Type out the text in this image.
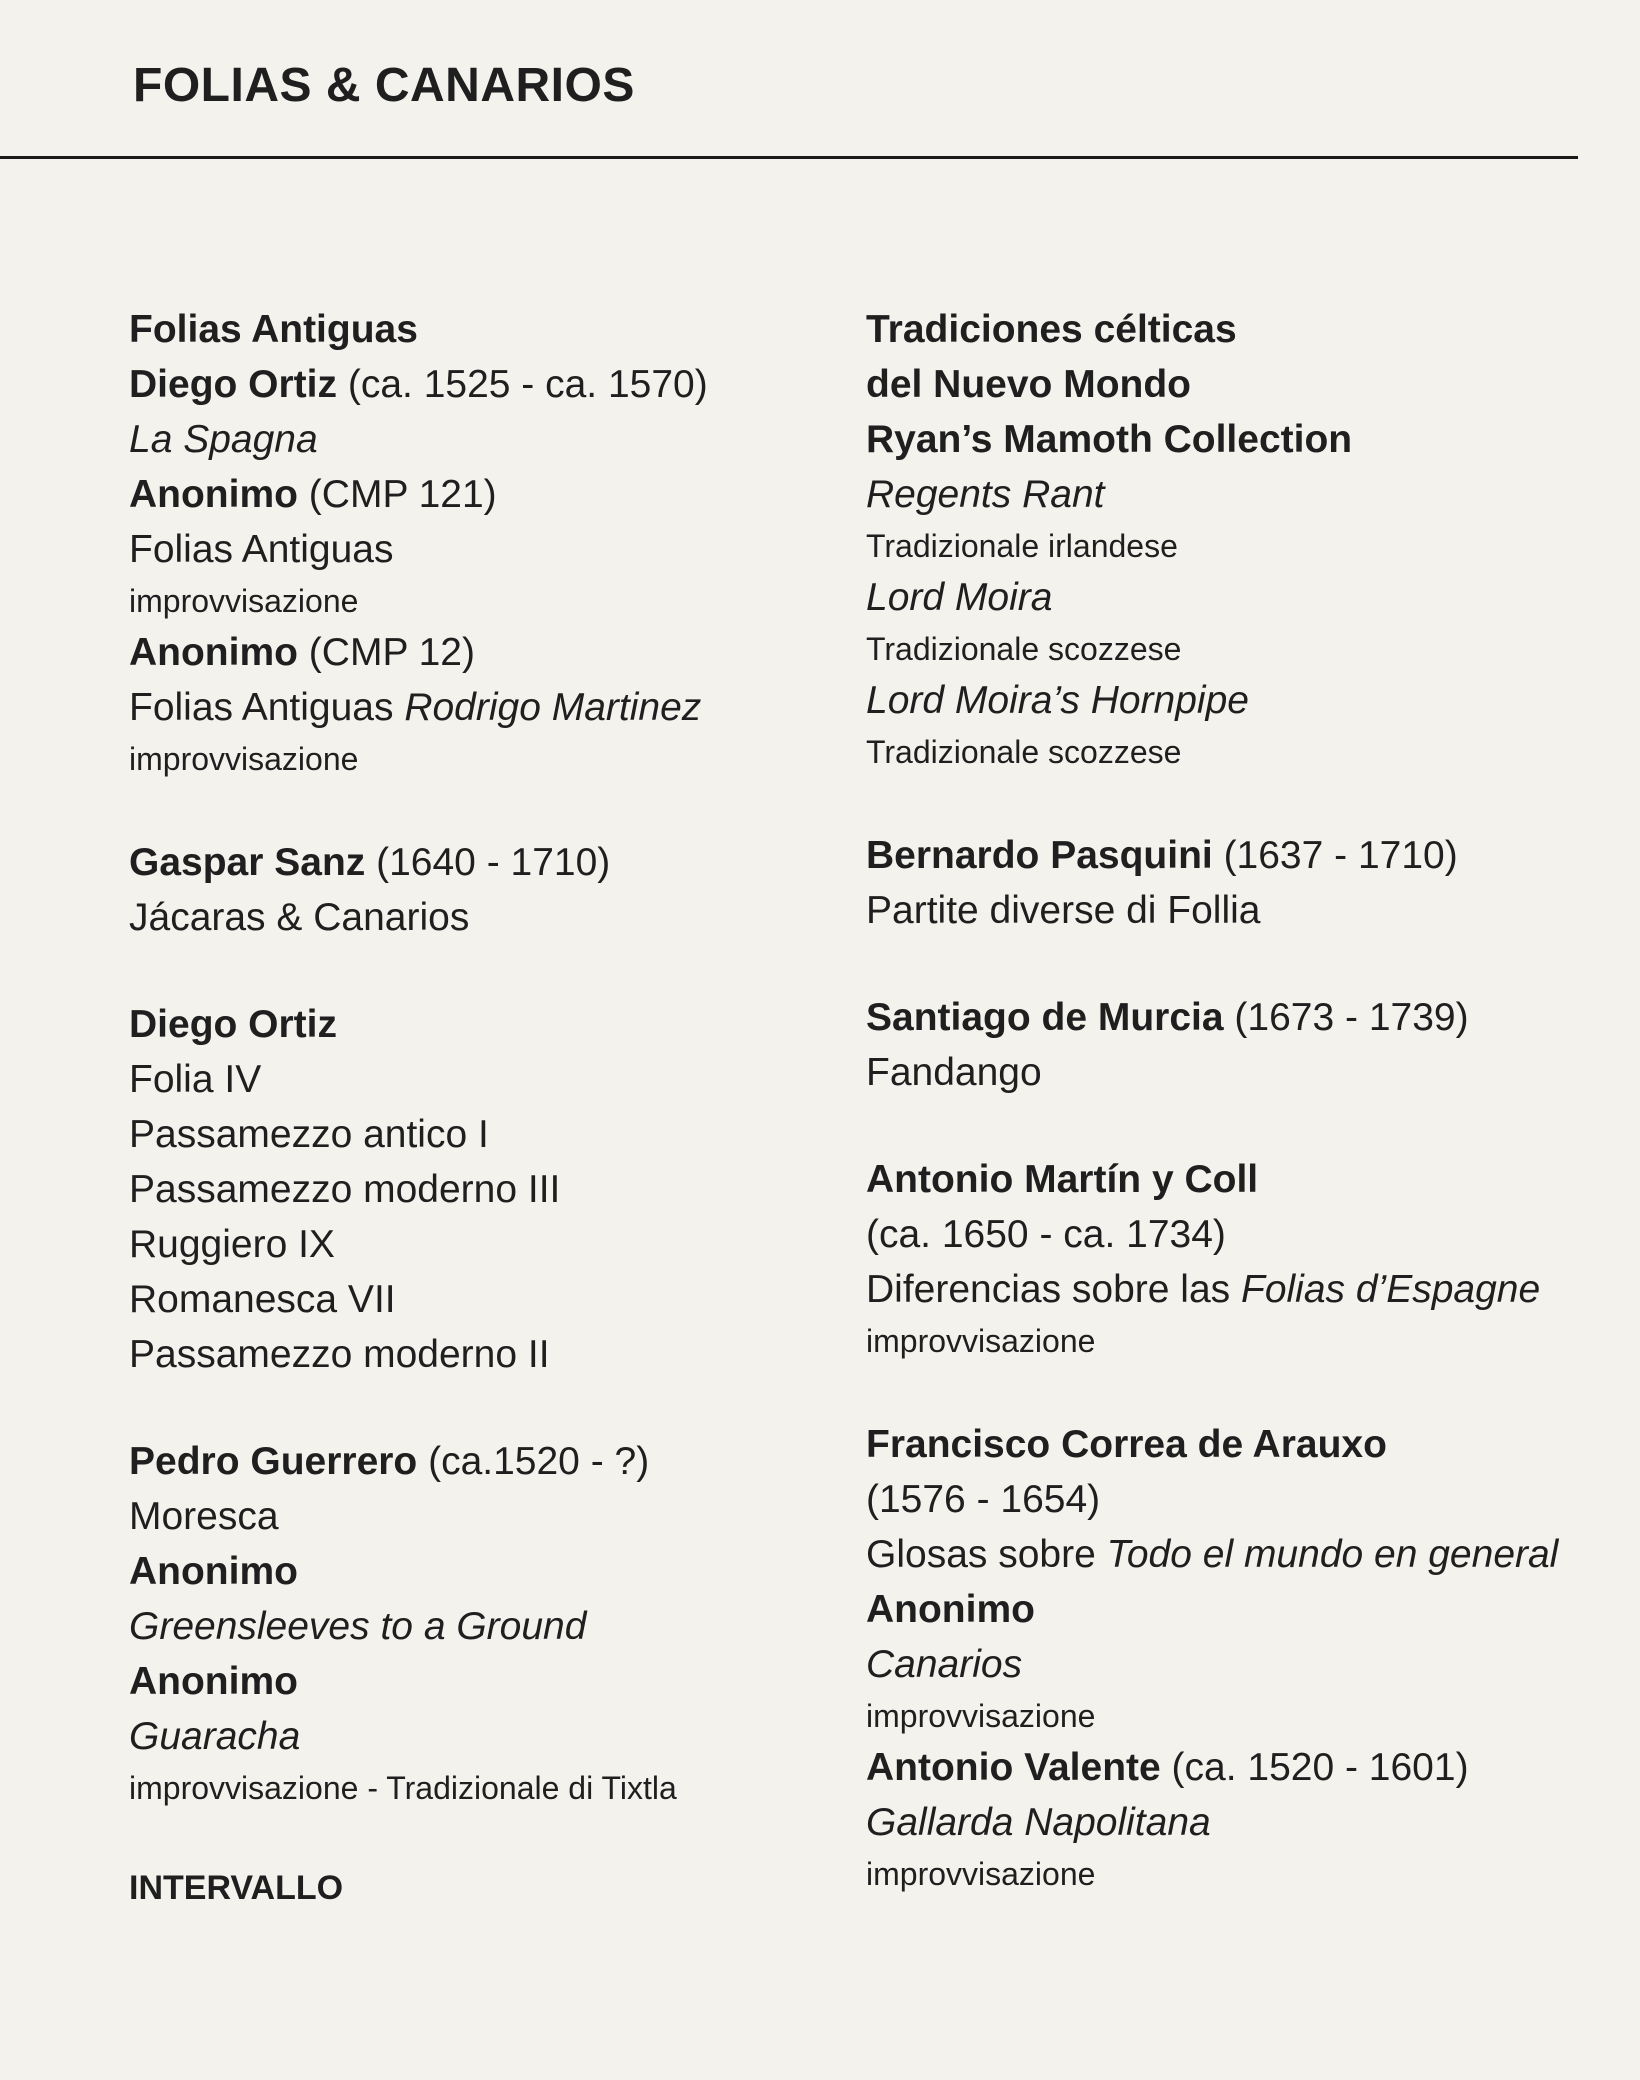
FOLIAS & CANARIOS

Folias Antiguas

Diego Ortiz (ca. 1525 - ca. 1570)

La Spagna

Anonimo (CMP 121)

Folias Antiguas

improvvisazione

Anonimo (CMP 12)

Folias Antiguas Rodrigo Martinez

improvvisazione

Gaspar Sanz (1640 - 1710)

Jácaras & Canarios

Diego Ortiz

Folia IV

Passamezzo antico I

Passamezzo moderno III

Ruggiero IX

Romanesca VII

Passamezzo moderno II

Pedro Guerrero (ca.1520 - ?)

Moresca

Anonimo

Greensleeves to a Ground

Anonimo

Guaracha

improvvisazione - Tradizionale di Tixtla

INTERVALLO

Tradiciones célticas

del Nuevo Mondo

Ryan’s Mamoth Collection

Regents Rant

Tradizionale irlandese

Lord Moira

Tradizionale scozzese

Lord Moira’s Hornpipe

Tradizionale scozzese

Bernardo Pasquini (1637 - 1710)

Partite diverse di Follia

Santiago de Murcia (1673 - 1739)

Fandango

Antonio Martín y Coll

(ca. 1650 - ca. 1734)

Diferencias sobre las Folias d’Espagne

improvvisazione

Francisco Correa de Arauxo

(1576 - 1654)

Glosas sobre Todo el mundo en general

Anonimo

Canarios

improvvisazione

Antonio Valente (ca. 1520 - 1601)

Gallarda Napolitana

improvvisazione
